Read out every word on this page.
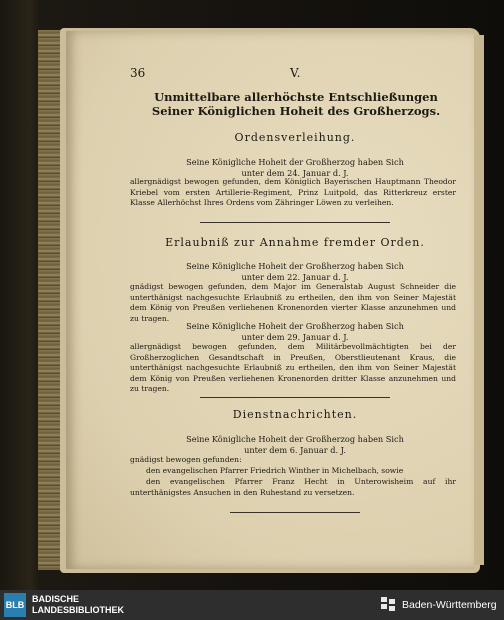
36	V.
Unmittelbare allerhöchste Entschließungen Seiner Königlichen Hoheit des Großherzogs.
Ordensverleihung.
Seine Königliche Hoheit der Großherzog haben Sich
unter dem 24. Januar d. J.
allergnädigst bewogen gefunden, dem Königlich Bayerischen Hauptmann Theodor Kriebel vom ersten Artillerie-Regiment, Prinz Luitpold, das Ritterkreuz erster Klasse Allerhöchst Ihres Ordens vom Zähringer Löwen zu verleihen.
Erlaubniß zur Annahme fremder Orden.
Seine Königliche Hoheit der Großherzog haben Sich
unter dem 22. Januar d. J.
gnädigst bewogen gefunden, dem Major im Generalstab August Schneider die unterthänigst nachgesuchte Erlaubniß zu ertheilen, den ihm von Seiner Majestät dem König von Preußen verliehenen Kronenorden vierter Klasse anzunehmen und zu tragen.
Seine Königliche Hoheit der Großherzog haben Sich
unter dem 29. Januar d. J.
allergnädigst bewogen gefunden, dem Militärbevollmächtigten bei der Großherzoglichen Gesandtschaft in Preußen, Oberstlieutenant Kraus, die unterthänigst nachgesuchte Erlaubniß zu ertheilen, den ihm von Seiner Majestät dem König von Preußen verliehenen Kronenorden dritter Klasse anzunehmen und zu tragen.
Dienstnachrichten.
Seine Königliche Hoheit der Großherzog haben Sich
unter dem 6. Januar d. J.
gnädigst bewogen gefunden:
den evangelischen Pfarrer Friedrich Winther in Michelbach, sowie
den evangelischen Pfarrer Franz Hecht in Unterowisheim auf ihr unterthänigstes Ansuchen in den Ruhestand zu versetzen.
BLB
BADISCHE
LANDESBIBLIOTHEK	Baden-Württemberg
